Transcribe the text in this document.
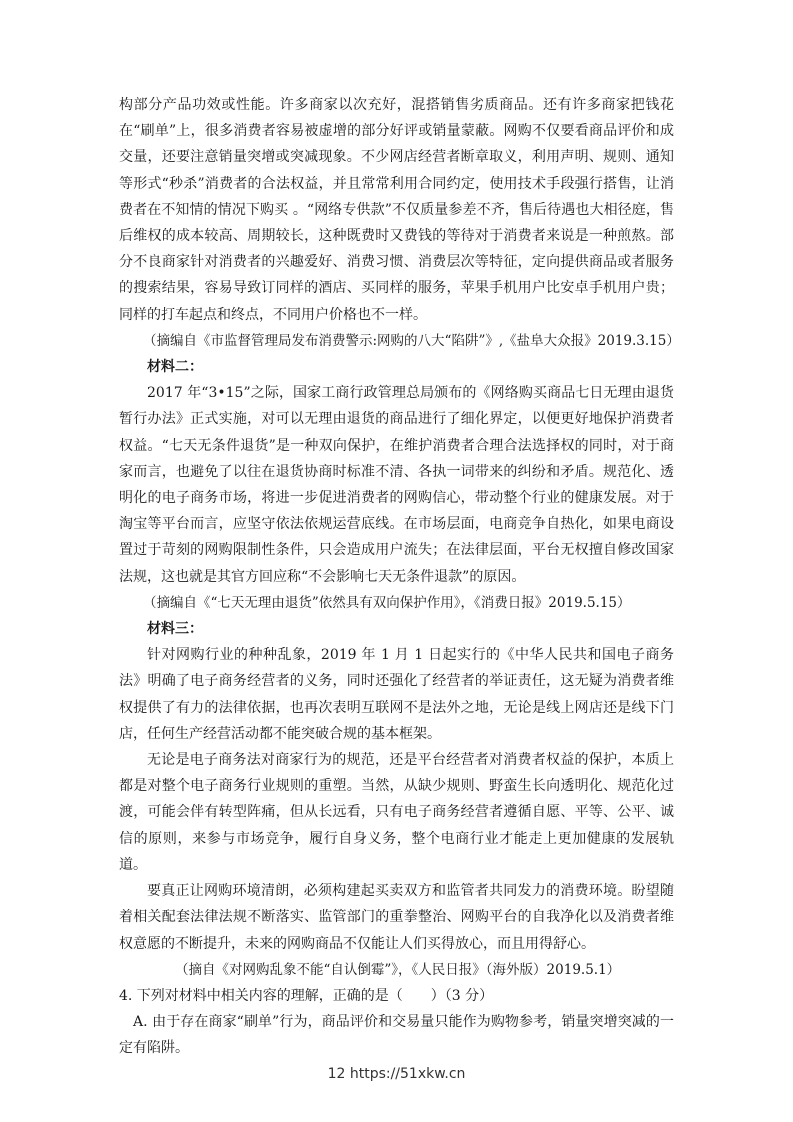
构部分产品功效或性能。许多商家以次充好，混搭销售劣质商品。还有许多商家把钱花在“刷单”上，很多消费者容易被虚增的部分好评或销量蒙蔽。网购不仅要看商品评价和成交量，还要注意销量突增或突减现象。不少网店经营者断章取义，利用声明、规则、通知等形式“秒杀”消费者的合法权益，并且常常利用合同约定，使用技术手段强行搭售，让消费者在不知情的情况下购买 。“网络专供款”不仅质量参差不齐，售后待遇也大相径庭，售后维权的成本较高、周期较长，这种既费时又费钱的等待对于消费者来说是一种煎熬。部分不良商家针对消费者的兴趣爱好、消费习惯、消费层次等特征，定向提供商品或者服务的搜索结果，容易导致订同样的酒店、买同样的服务，苹果手机用户比安卓手机用户贵；同样的打车起点和终点，不同用户价格也不一样。

（摘编自《市监督管理局发布消费警示:网购的八大“陷阱”》,《盐阜大众报》2019.3.15）

材料二：

2017 年“3•15”之际，国家工商行政管理总局颁布的《网络购买商品七日无理由退货暂行办法》正式实施，对可以无理由退货的商品进行了细化界定，以便更好地保护消费者权益。“七天无条件退货”是一种双向保护，在维护消费者合理合法选择权的同时，对于商家而言，也避免了以往在退货协商时标准不清、各执一词带来的纠纷和矛盾。规范化、透明化的电子商务市场，将进一步促进消费者的网购信心，带动整个行业的健康发展。对于淘宝等平台而言，应坚守依法依规运营底线。在市场层面，电商竞争自热化，如果电商设置过于苛刻的网购限制性条件，只会造成用户流失；在法律层面，平台无权擅自修改国家法规，这也就是其官方回应称“不会影响七天无条件退款”的原因。

（摘编自《“七天无理由退货”依然具有双向保护作用》，《消费日报》2019.5.15）

材料三：

针对网购行业的种种乱象，2019 年 1 月 1 日起实行的《中华人民共和国电子商务法》明确了电子商务经营者的义务，同时还强化了经营者的举证责任，这无疑为消费者维权提供了有力的法律依据，也再次表明互联网不是法外之地，无论是线上网店还是线下门店，任何生产经营活动都不能突破合规的基本框架。

无论是电子商务法对商家行为的规范，还是平台经营者对消费者权益的保护，本质上都是对整个电子商务行业规则的重塑。当然，从缺少规则、野蛮生长向透明化、规范化过渡，可能会伴有转型阵痛，但从长远看，只有电子商务经营者遵循自愿、平等、公平、诚信的原则，来参与市场竞争，履行自身义务，整个电商行业才能走上更加健康的发展轨道。

要真正让网购环境清朗，必须构建起买卖双方和监管者共同发力的消费环境。盼望随着相关配套法律法规不断落实、监管部门的重拳整治、网购平台的自我净化以及消费者维权意愿的不断提升，未来的网购商品不仅能让人们买得放心，而且用得舒心。

（摘自《对网购乱象不能“自认倒霉”》，《人民日报》（海外版）2019.5.1）

4. 下列对材料中相关内容的理解，正确的是（　　）（3 分）

A. 由于存在商家“刷单”行为，商品评价和交易量只能作为购物参考，销量突增突减的一定有陷阱。

12 https://51xkw.cn
